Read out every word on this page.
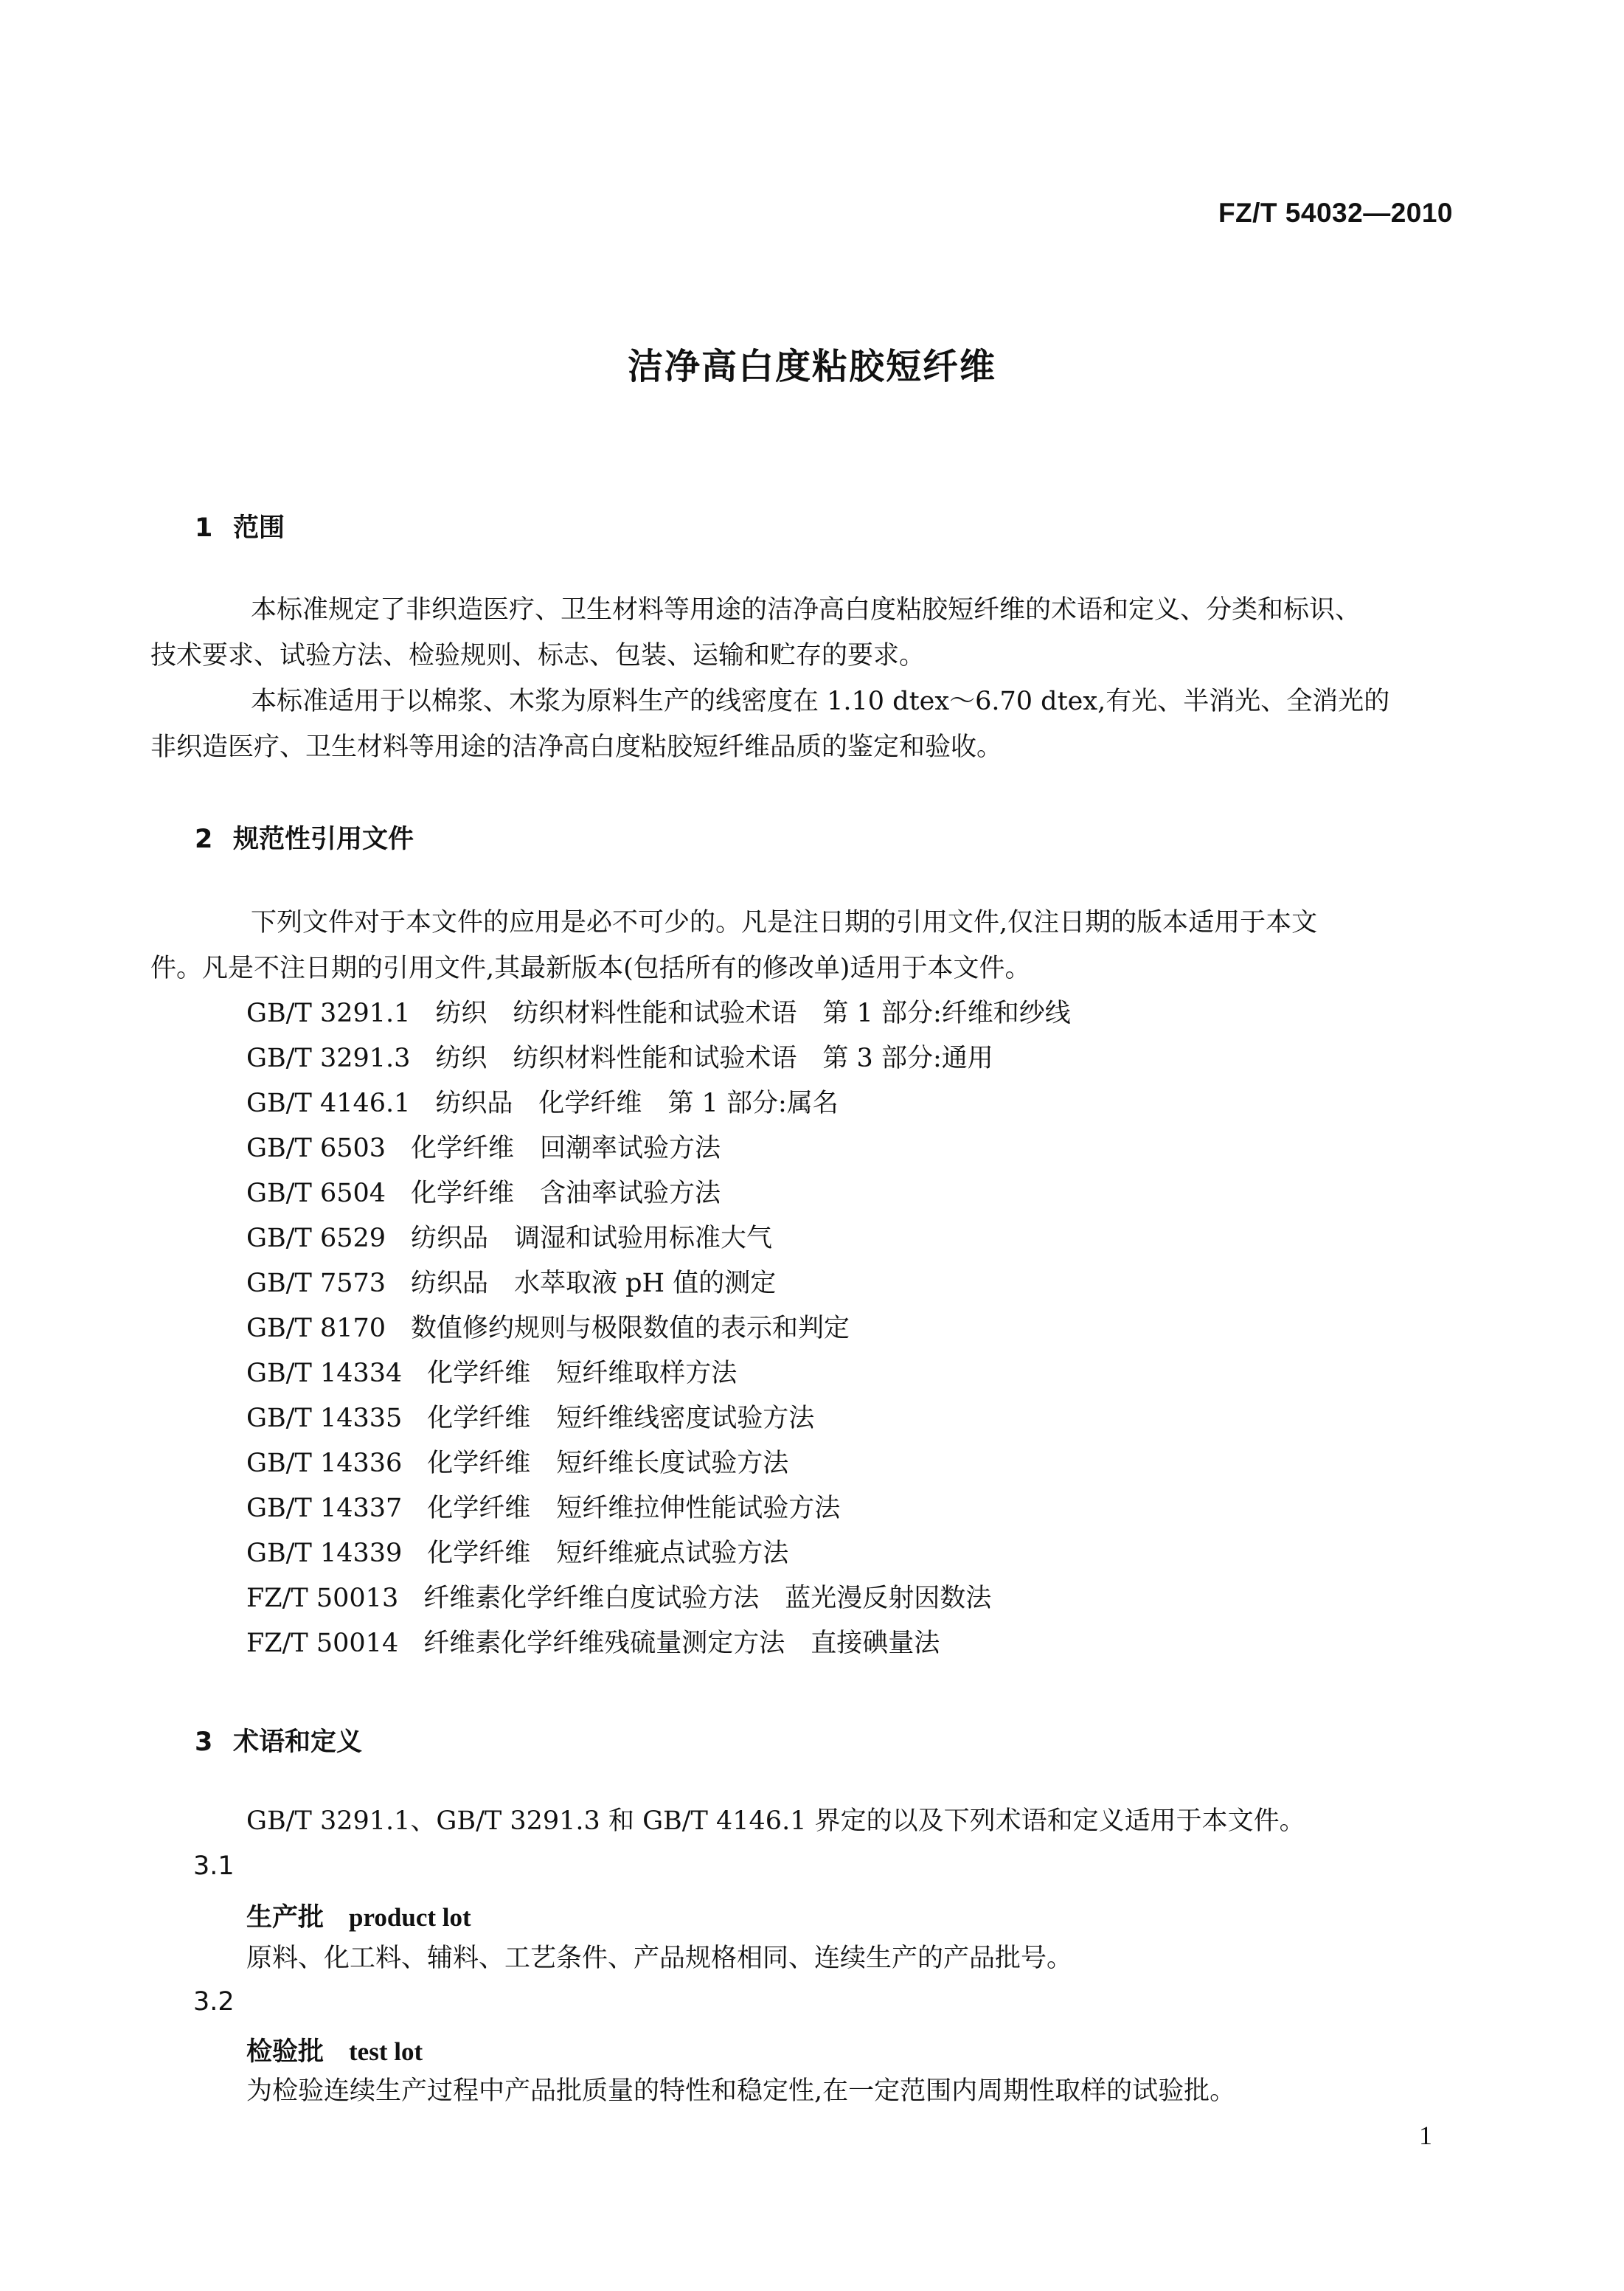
FZ/T 54032—2010
洁净高白度粘胶短纤维
1 范围
本标准规定了非织造医疗、卫生材料等用途的洁净高白度粘胶短纤维的术语和定义、分类和标识、
技术要求、试验方法、检验规则、标志、包装、运输和贮存的要求。
本标准适用于以棉浆、木浆为原料生产的线密度在 1.10 dtex～6.70 dtex,有光、半消光、全消光的
非织造医疗、卫生材料等用途的洁净高白度粘胶短纤维品质的鉴定和验收。
2 规范性引用文件
下列文件对于本文件的应用是必不可少的。凡是注日期的引用文件,仅注日期的版本适用于本文
件。凡是不注日期的引用文件,其最新版本(包括所有的修改单)适用于本文件。
GB/T 3291.1 纺织　纺织材料性能和试验术语　第 1 部分:纤维和纱线
GB/T 3291.3 纺织　纺织材料性能和试验术语　第 3 部分:通用
GB/T 4146.1 纺织品　化学纤维　第 1 部分:属名
GB/T 6503 化学纤维　回潮率试验方法
GB/T 6504 化学纤维　含油率试验方法
GB/T 6529 纺织品　调湿和试验用标准大气
GB/T 7573 纺织品　水萃取液 pH 值的测定
GB/T 8170 数值修约规则与极限数值的表示和判定
GB/T 14334 化学纤维　短纤维取样方法
GB/T 14335 化学纤维　短纤维线密度试验方法
GB/T 14336 化学纤维　短纤维长度试验方法
GB/T 14337 化学纤维　短纤维拉伸性能试验方法
GB/T 14339 化学纤维　短纤维疵点试验方法
FZ/T 50013 纤维素化学纤维白度试验方法　蓝光漫反射因数法
FZ/T 50014 纤维素化学纤维残硫量测定方法　直接碘量法
3 术语和定义
GB/T 3291.1、GB/T 3291.3 和 GB/T 4146.1 界定的以及下列术语和定义适用于本文件。
3.1
生产批 product lot
原料、化工料、辅料、工艺条件、产品规格相同、连续生产的产品批号。
3.2
检验批 test lot
为检验连续生产过程中产品批质量的特性和稳定性,在一定范围内周期性取样的试验批。
1
